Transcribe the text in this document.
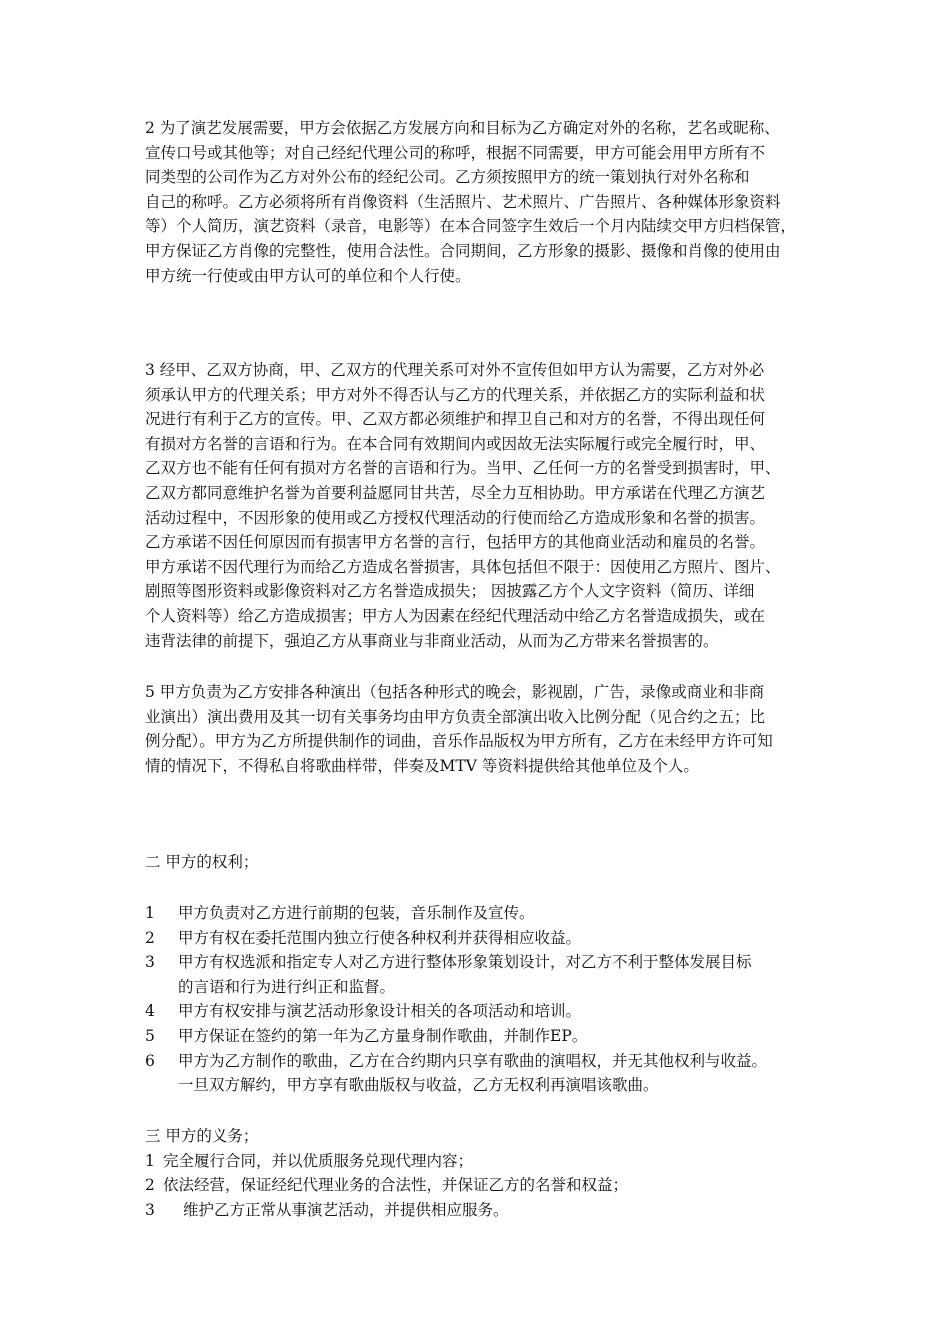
2 为了演艺发展需要，甲方会依据乙方发展方向和目标为乙方确定对外的名称，艺名或昵称、
宣传口号或其他等；对自己经纪代理公司的称呼，根据不同需要，甲方可能会用甲方所有不
同类型的公司作为乙方对外公布的经纪公司。乙方须按照甲方的统一策划执行对外名称和
自己的称呼。乙方必须将所有肖像资料（生活照片、艺术照片、广告照片、各种媒体形象资料
等）个人简历，演艺资料（录音，电影等）在本合同签字生效后一个月内陆续交甲方归档保管，
甲方保证乙方肖像的完整性，使用合法性。合同期间，乙方形象的摄影、摄像和肖像的使用由
甲方统一行使或由甲方认可的单位和个人行使。
3 经甲、乙双方协商，甲、乙双方的代理关系可对外不宣传但如甲方认为需要，乙方对外必
须承认甲方的代理关系；甲方对外不得否认与乙方的代理关系，并依据乙方的实际利益和状
况进行有利于乙方的宣传。甲、乙双方都必须维护和捍卫自己和对方的名誉，不得出现任何
有损对方名誉的言语和行为。在本合同有效期间内或因故无法实际履行或完全履行时，甲、
乙双方也不能有任何有损对方名誉的言语和行为。当甲、乙任何一方的名誉受到损害时，甲、
乙双方都同意维护名誉为首要利益愿同甘共苦，尽全力互相协助。甲方承诺在代理乙方演艺
活动过程中，不因形象的使用或乙方授权代理活动的行使而给乙方造成形象和名誉的损害。
乙方承诺不因任何原因而有损害甲方名誉的言行，包括甲方的其他商业活动和雇员的名誉。
甲方承诺不因代理行为而给乙方造成名誉损害，具体包括但不限于：因使用乙方照片、图片、
剧照等图形资料或影像资料对乙方名誉造成损失； 因披露乙方个人文字资料（简历、详细
个人资料等）给乙方造成损害；甲方人为因素在经纪代理活动中给乙方名誉造成损失，或在
违背法律的前提下，强迫乙方从事商业与非商业活动，从而为乙方带来名誉损害的。
5 甲方负责为乙方安排各种演出（包括各种形式的晚会，影视剧，广告，录像或商业和非商
业演出）演出费用及其一切有关事务均由甲方负责全部演出收入比例分配（见合约之五；比
例分配）。甲方为乙方所提供制作的词曲，音乐作品版权为甲方所有，乙方在未经甲方许可知
情的情况下，不得私自将歌曲样带，伴奏及MTV 等资料提供给其他单位及个人。
二 甲方的权利；
1 甲方负责对乙方进行前期的包装，音乐制作及宣传。
2 甲方有权在委托范围内独立行使各种权利并获得相应收益。
3 甲方有权选派和指定专人对乙方进行整体形象策划设计，对乙方不利于整体发展目标
的言语和行为进行纠正和监督。
4 甲方有权安排与演艺活动形象设计相关的各项活动和培训。
5 甲方保证在签约的第一年为乙方量身制作歌曲，并制作EP。
6 甲方为乙方制作的歌曲，乙方在合约期内只享有歌曲的演唱权，并无其他权利与收益。
一旦双方解约，甲方享有歌曲版权与收益，乙方无权利再演唱该歌曲。
三 甲方的义务；
1 完全履行合同，并以优质服务兑现代理内容；
2 依法经营，保证经纪代理业务的合法性，并保证乙方的名誉和权益；
3 维护乙方正常从事演艺活动，并提供相应服务。
